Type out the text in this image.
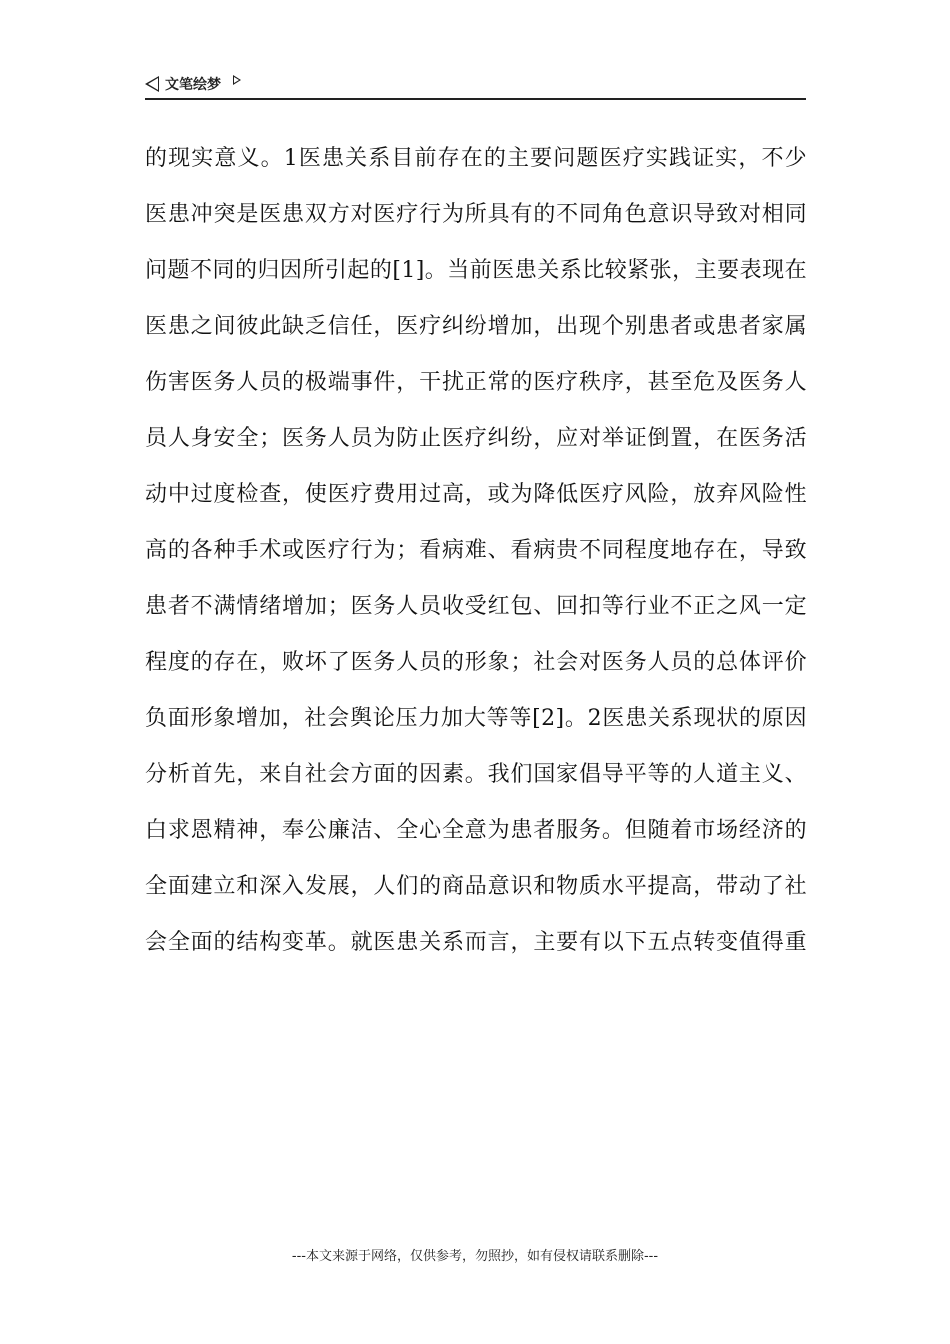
文笔绘梦
的现实意义。1医患关系目前存在的主要问题医疗实践证实，不少
医患冲突是医患双方对医疗行为所具有的不同角色意识导致对相同
问题不同的归因所引起的[1]。当前医患关系比较紧张，主要表现在
医患之间彼此缺乏信任，医疗纠纷增加，出现个别患者或患者家属
伤害医务人员的极端事件，干扰正常的医疗秩序，甚至危及医务人
员人身安全；医务人员为防止医疗纠纷，应对举证倒置，在医务活
动中过度检查，使医疗费用过高，或为降低医疗风险，放弃风险性
高的各种手术或医疗行为；看病难、看病贵不同程度地存在，导致
患者不满情绪增加；医务人员收受红包、回扣等行业不正之风一定
程度的存在，败坏了医务人员的形象；社会对医务人员的总体评价
负面形象增加，社会舆论压力加大等等[2]。2医患关系现状的原因
分析首先，来自社会方面的因素。我们国家倡导平等的人道主义、
白求恩精神，奉公廉洁、全心全意为患者服务。但随着市场经济的
全面建立和深入发展，人们的商品意识和物质水平提高，带动了社
会全面的结构变革。就医患关系而言，主要有以下五点转变值得重
---本文来源于网络，仅供参考，勿照抄，如有侵权请联系删除---
